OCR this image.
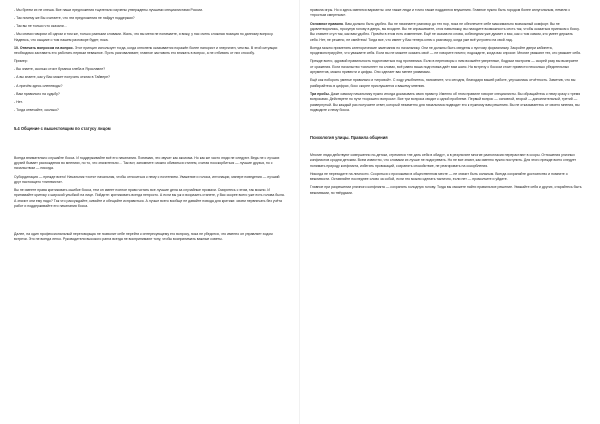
- Мы бреем их не спеша. Все наши предложения тщательно изучены утверждены лучшими специалистами России.

- Так почему же Вы считаете, что эти предложения не найдут поддержки?

- Так вы не только что сказали…

- Мы сними говорим об одном и том же, только разными словами. Жаль, что вы меня не понимаете, я вижу, у нас очень сложная позиция по данному вопросу. Надеюсь, что сыщике о том нашем разговоре будет, пока.

10. Отвечать вопросом на вопрос. Этот принцип использует тогда, когда оппоненк оказывается поражён более напорист и энергичен, чем вы. В этой ситуации необходимо заставить его работать первым неважное. Пусть разговаливает, главное заставить его вникать в вопрос, а не отбивать от них способу.

Пример:

- Вы знаете, сколько стоит буханка хлеба в Ярославле?

- А вы знаете, как у Вас может получить отклик в Тайвере?

- А причём здесь оленеводы?

- Вам правильно на судьбу?

- Нет.

- Тогда отвечайте, сколько?

5.4 Общение с вышестоящим по статусу лицом

Всегда внимательно слушайте босса. И поддерживайте всё его начинания. Понимаю, это звучит как аксиома. Но как же часто люди не следуют. Ведь не с лучших друзей бывает расхождения во мнениях, но то, что значительно… Так вот, запомните: можно обиваться стилем, считая пооскорбиться — лучшие друзья, но с начальством — никогда.

Субординация — прежде всего! Начальник «хотя» начальник, чтобы относиться к нему с почтением. Уважение и голоса, интонации, манере поведения — лучший друг настоящего «лингвиста».

Вы не имеете права критиковать ошибке босса, тем он имеет полное право читать все лучшие дела за случайные промахи. Смиритесь с этим, так можно. И принимайте критику с широкой улыбкой на лице. Пойдите: критиковать всегда непросто. А если вы уж и возразить станете, у Вас скорее всего уже есть голова была. А значит они ему надо? Так что рассуждайте, кивайте и обещайте исправиться. А лучше всего вообще не давайте повода для критики: зачем нервничать без учёта работ и поддерживайте его начинания босса.

Далее, на один профессиональный переговорщик не позволит себе перейти к интересующему его вопросу, пока не убедится, что именно он управляет ходом встречи. Это не всегда легко. Руководители высокого ранга всегда не воспринимают тону, чтобы воспринимать важные советы.

правила игры. Но и здесь имеются варианты: они также люди и точно также поддаются внушению. Главное нужно быть городом более анлугольным, немели с «простым смертным».

Основное правило. Вам должно быть удобно. Вы не начинаете разговор до тех пор, пока не обеспечите себе максимально возможный комфорт. Вы не удовлетворились, просунув голову в дверь, вы входите. Вы не спрашиваете, стоя навытяжку, вы находите возможность сесть так, чтобы оказаться приезком к боссу. Вы ставите стул так, как вам удобно. Причём в этом есть изменение. Ещё не сказав ни слова, собеседник уже думает о вас, как о том самом, кто умеет держать себя. Нет, не решено, не смейтесь! Тогда все, что имеет у Вас теперь ключ к разговору, когда уже всё устроено на свой лад.

Всегда можно применять категорические замечания по начальнику. Они не должны быть сведены к пустому формализму. Закройте двери кабинета, продемонстрируйте, что уважаете себя. Если вы не можете сказать своё — не говорите ничего; подождите, когда вас спросят. Многие уважают тех, кто уважает себя.

Прежде всего, здравой правильность подготовиться под противника. Если в переговоры с ним возьмёте уверенные, бодрым настроем — скорей разу вы выиграете от сражения. Если начальство «сильнее» на словах, всё равно ваша подготовка даёт вам шанс. На встречу с боссом стоит привести несколько убедительных аргументов, можно привести и цифры. Оно сделает вас менее уязвимым.

Ещё как побороть уменье правильно и «игровой». С ходу улыбнитесь, напомните, что сегодня, благодаря вашей работе, улучшилась отчётность. Заметив, что вы разбирайтесь в цифрах, босс скорее прислушается к вашему мнению.

Три пробы. Даже самому начальнику нужно иногда доказывать свою правоту. Именно об этом правиле говорят специалисты. Вы обращайтесь к нему сразу с тремя вопросами. Действуете по пути «хорошего вопроса». Все три вопроса сводят к одной проблеме. Первый вопрос — основной, второй — дополнительный, третий — развернутый. Вы каждый раз получаете ответ, который незаметно для начальника подводит его к нужному вам решению. Вы не отказываетесь от своего мнения, вы подводите к нему босса.

Психология улицы. Правила общения

Многие люди действуют совершенно по-детски, стремятся «не дать себя в обиду», а в результате многие разногласия перерастают в ссоры. Отношения уличных конфликтов сродни детским. Всем известно, что словами их лучше не подогревать. Но не все знают, как именно нужно поступить. Для этого прежде всего следует понимать природу конфликта, избегать провокаций, сохранять спокойствие, не реагировать на оскорбления.

Никогда не переходите на личности. Ссориться с прохожими в общественном месте — не значит быть сильным. Всегда сохраняйте достоинство и помните о вежливости. Оставляйте последнее слово за собой, если это можно сделать тактично, если нет — промолчите и уйдите.

Главное при разрешении уличного конфликта — сохранять холодную голову. Тогда вы сможете найти правильное решение. Уважайте себя и других, старайтесь быть вежливыми, но твёрдыми.
